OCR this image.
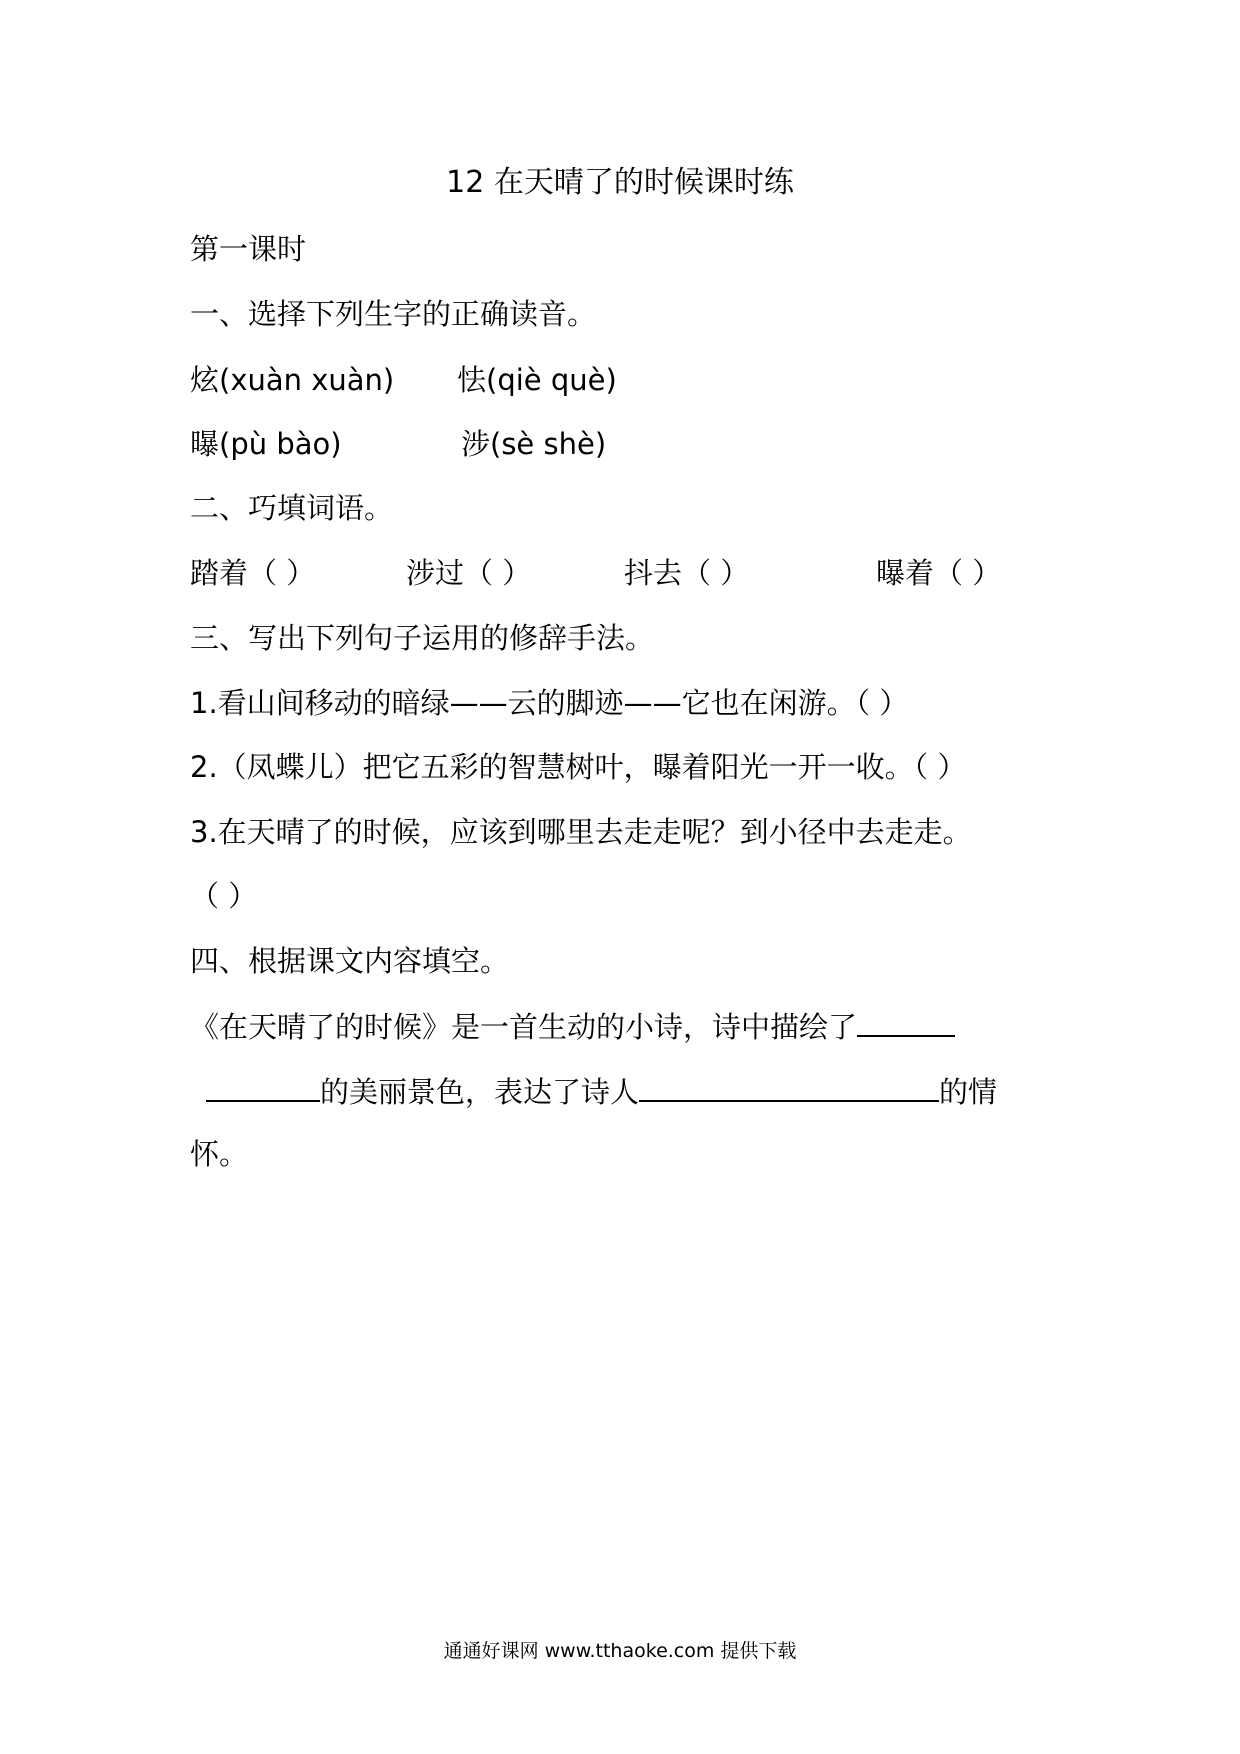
12 在天晴了的时候课时练
第一课时
一、选择下列生字的正确读音。
炫(xuàn xuàn) 怯(qiè què)
曝(pù bào)	涉(sè shè)
二、巧填词语。
踏着（ ）	涉过（ ）	抖去（ ）	曝着（ ）
三、写出下列句子运用的修辞手法。
1.看山间移动的暗绿——云的脚迹——它也在闲游。（ ）
2.（凤蝶儿）把它五彩的智慧树叶，曝着阳光一开一收。（ ）
3.在天晴了的时候，应该到哪里去走走呢？到小径中去走走。
（ ）
四、根据课文内容填空。
《在天晴了的时候》是一首生动的小诗，诗中描绘了
的美丽景色，表达了诗人	的情
怀。
通通好课网 www.tthaoke.com 提供下载
